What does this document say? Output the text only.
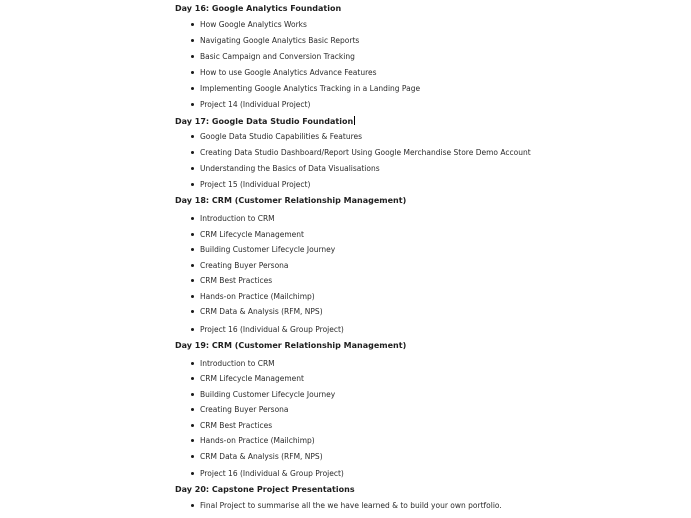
Day 16: Google Analytics Foundation
How Google Analytics Works
Navigating Google Analytics Basic Reports
Basic Campaign and Conversion Tracking
How to use Google Analytics Advance Features
Implementing Google Analytics Tracking in a Landing Page
Project 14 (Individual Project)
Day 17: Google Data Studio Foundation
Google Data Studio Capabilities & Features
Creating Data Studio Dashboard/Report Using Google Merchandise Store Demo Account
Understanding the Basics of Data Visualisations
Project 15 (Individual Project)
Day 18: CRM (Customer Relationship Management)
Introduction to CRM
CRM Lifecycle Management
Building Customer Lifecycle Journey
Creating Buyer Persona
CRM Best Practices
Hands-on Practice (Mailchimp)
CRM Data & Analysis (RFM, NPS)
Project 16 (Individual & Group Project)
Day 19: CRM (Customer Relationship Management)
Introduction to CRM
CRM Lifecycle Management
Building Customer Lifecycle Journey
Creating Buyer Persona
CRM Best Practices
Hands-on Practice (Mailchimp)
CRM Data & Analysis (RFM, NPS)
Project 16 (Individual & Group Project)
Day 20: Capstone Project Presentations
Final Project to summarise all the we have learned & to build your own portfolio.
